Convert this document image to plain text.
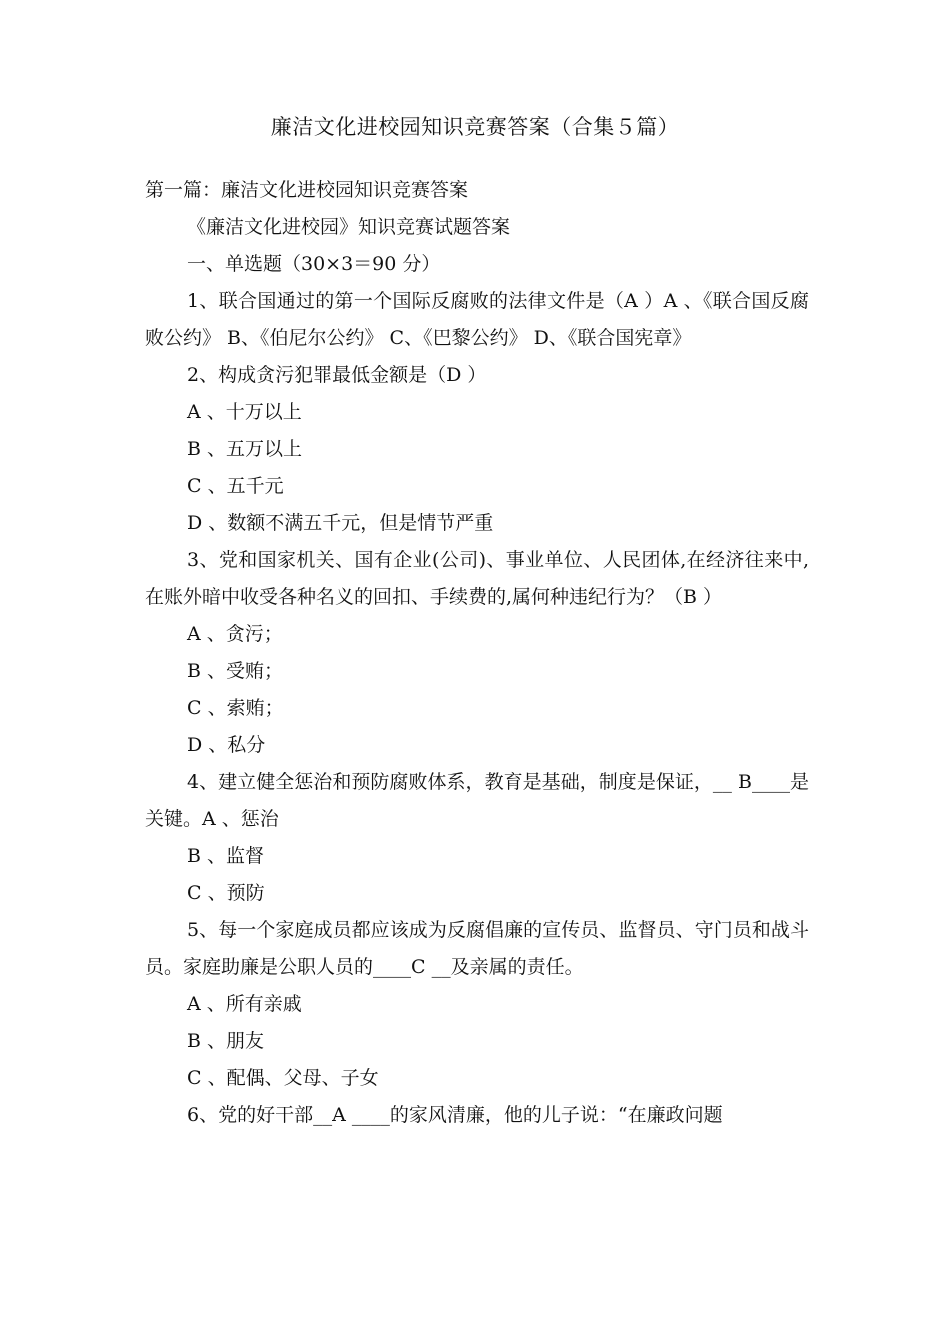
廉洁文化进校园知识竞赛答案（合集５篇）

第一篇：廉洁文化进校园知识竞赛答案

《廉洁文化进校园》知识竞赛试题答案

一、单选题（30×3＝90 分）

1、联合国通过的第一个国际反腐败的法律文件是（A ）A 、《联合国反腐败公约》 B、《伯尼尔公约》 C、《巴黎公约》 D、《联合国宪章》

2、构成贪污犯罪最低金额是（D ）

A 、十万以上

B 、五万以上

C 、五千元

D 、数额不满五千元，但是情节严重

3、党和国家机关、国有企业(公司)、事业单位、人民团体,在经济往来中,在账外暗中收受各种名义的回扣、手续费的,属何种违纪行为？（B ）

A 、贪污；

B 、受贿；

C 、索贿；

D 、私分

4、建立健全惩治和预防腐败体系，教育是基础，制度是保证，__ B____是关键。A 、惩治

B 、监督

C 、预防

5、每一个家庭成员都应该成为反腐倡廉的宣传员、监督员、守门员和战斗员。家庭助廉是公职人员的____C __及亲属的责任。

A 、所有亲戚

B 、朋友

C 、配偶、父母、子女

6、党的好干部__A ____的家风清廉，他的儿子说：“在廉政问题
